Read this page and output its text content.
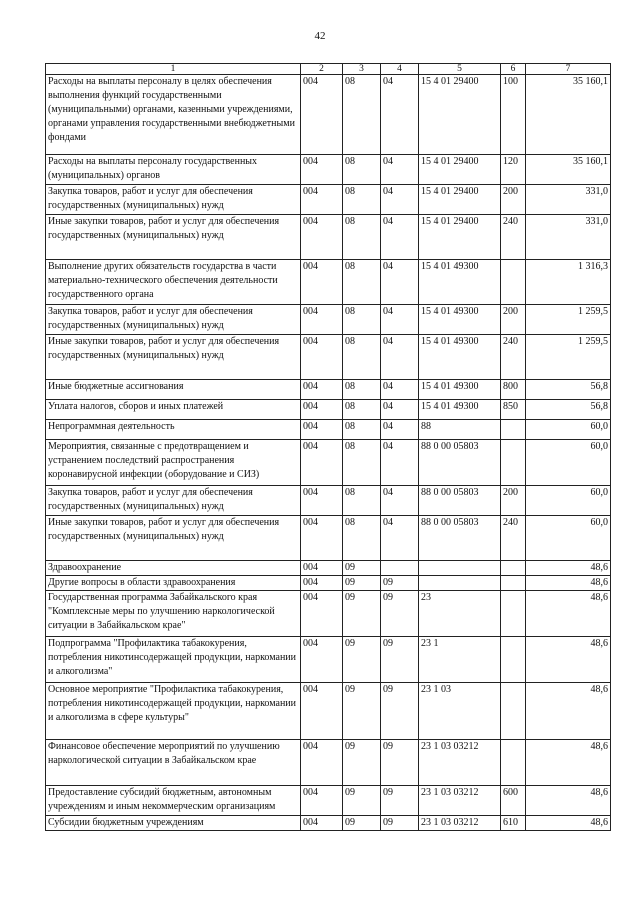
42
1	2	3	4	5	6	7
Расходы на выплаты персоналу в целях обеспечения выполнения функций государственными (муниципальными) органами, казенными учреждениями, органами управления государственными внебюджетными фондами	004	08	04	15 4 01 29400	100	35 160,1
Расходы на выплаты персоналу государственных (муниципальных) органов	004	08	04	15 4 01 29400	120	35 160,1
Закупка товаров, работ и услуг для обеспечения государственных (муниципальных) нужд	004	08	04	15 4 01 29400	200	331,0
Иные закупки товаров, работ и услуг для обеспечения государственных (муниципальных) нужд	004	08	04	15 4 01 29400	240	331,0
Выполнение других обязательств государства в части материально-технического обеспечения деятельности государственного органа	004	08	04	15 4 01 49300		1 316,3
Закупка товаров, работ и услуг для обеспечения государственных (муниципальных) нужд	004	08	04	15 4 01 49300	200	1 259,5
Иные закупки товаров, работ и услуг для обеспечения государственных (муниципальных) нужд	004	08	04	15 4 01 49300	240	1 259,5
Иные бюджетные ассигнования	004	08	04	15 4 01 49300	800	56,8
Уплата налогов, сборов и иных платежей	004	08	04	15 4 01 49300	850	56,8
Непрограммная деятельность	004	08	04	88		60,0
Мероприятия, связанные с предотвращением и устранением последствий распространения коронавирусной инфекции (оборудование и СИЗ)	004	08	04	88 0 00 05803		60,0
Закупка товаров, работ и услуг для обеспечения государственных (муниципальных) нужд	004	08	04	88 0 00 05803	200	60,0
Иные закупки товаров, работ и услуг для обеспечения государственных (муниципальных) нужд	004	08	04	88 0 00 05803	240	60,0
Здравоохранение	004	09				48,6
Другие вопросы в области здравоохранения	004	09	09			48,6
Государственная программа Забайкальского края "Комплексные меры по улучшению наркологической ситуации в Забайкальском крае"	004	09	09	23		48,6
Подпрограмма "Профилактика табакокурения, потребления никотинсодержащей продукции, наркомании и алкоголизма"	004	09	09	23 1		48,6
Основное мероприятие "Профилактика табакокурения, потребления никотинсодержащей продукции, наркомании и алкоголизма в сфере культуры"	004	09	09	23 1 03		48,6
Финансовое обеспечение мероприятий по улучшению наркологической ситуации в Забайкальском крае	004	09	09	23 1 03 03212		48,6
Предоставление субсидий бюджетным, автономным учреждениям и иным некоммерческим организациям	004	09	09	23 1 03 03212	600	48,6
Субсидии бюджетным учреждениям	004	09	09	23 1 03 03212	610	48,6
